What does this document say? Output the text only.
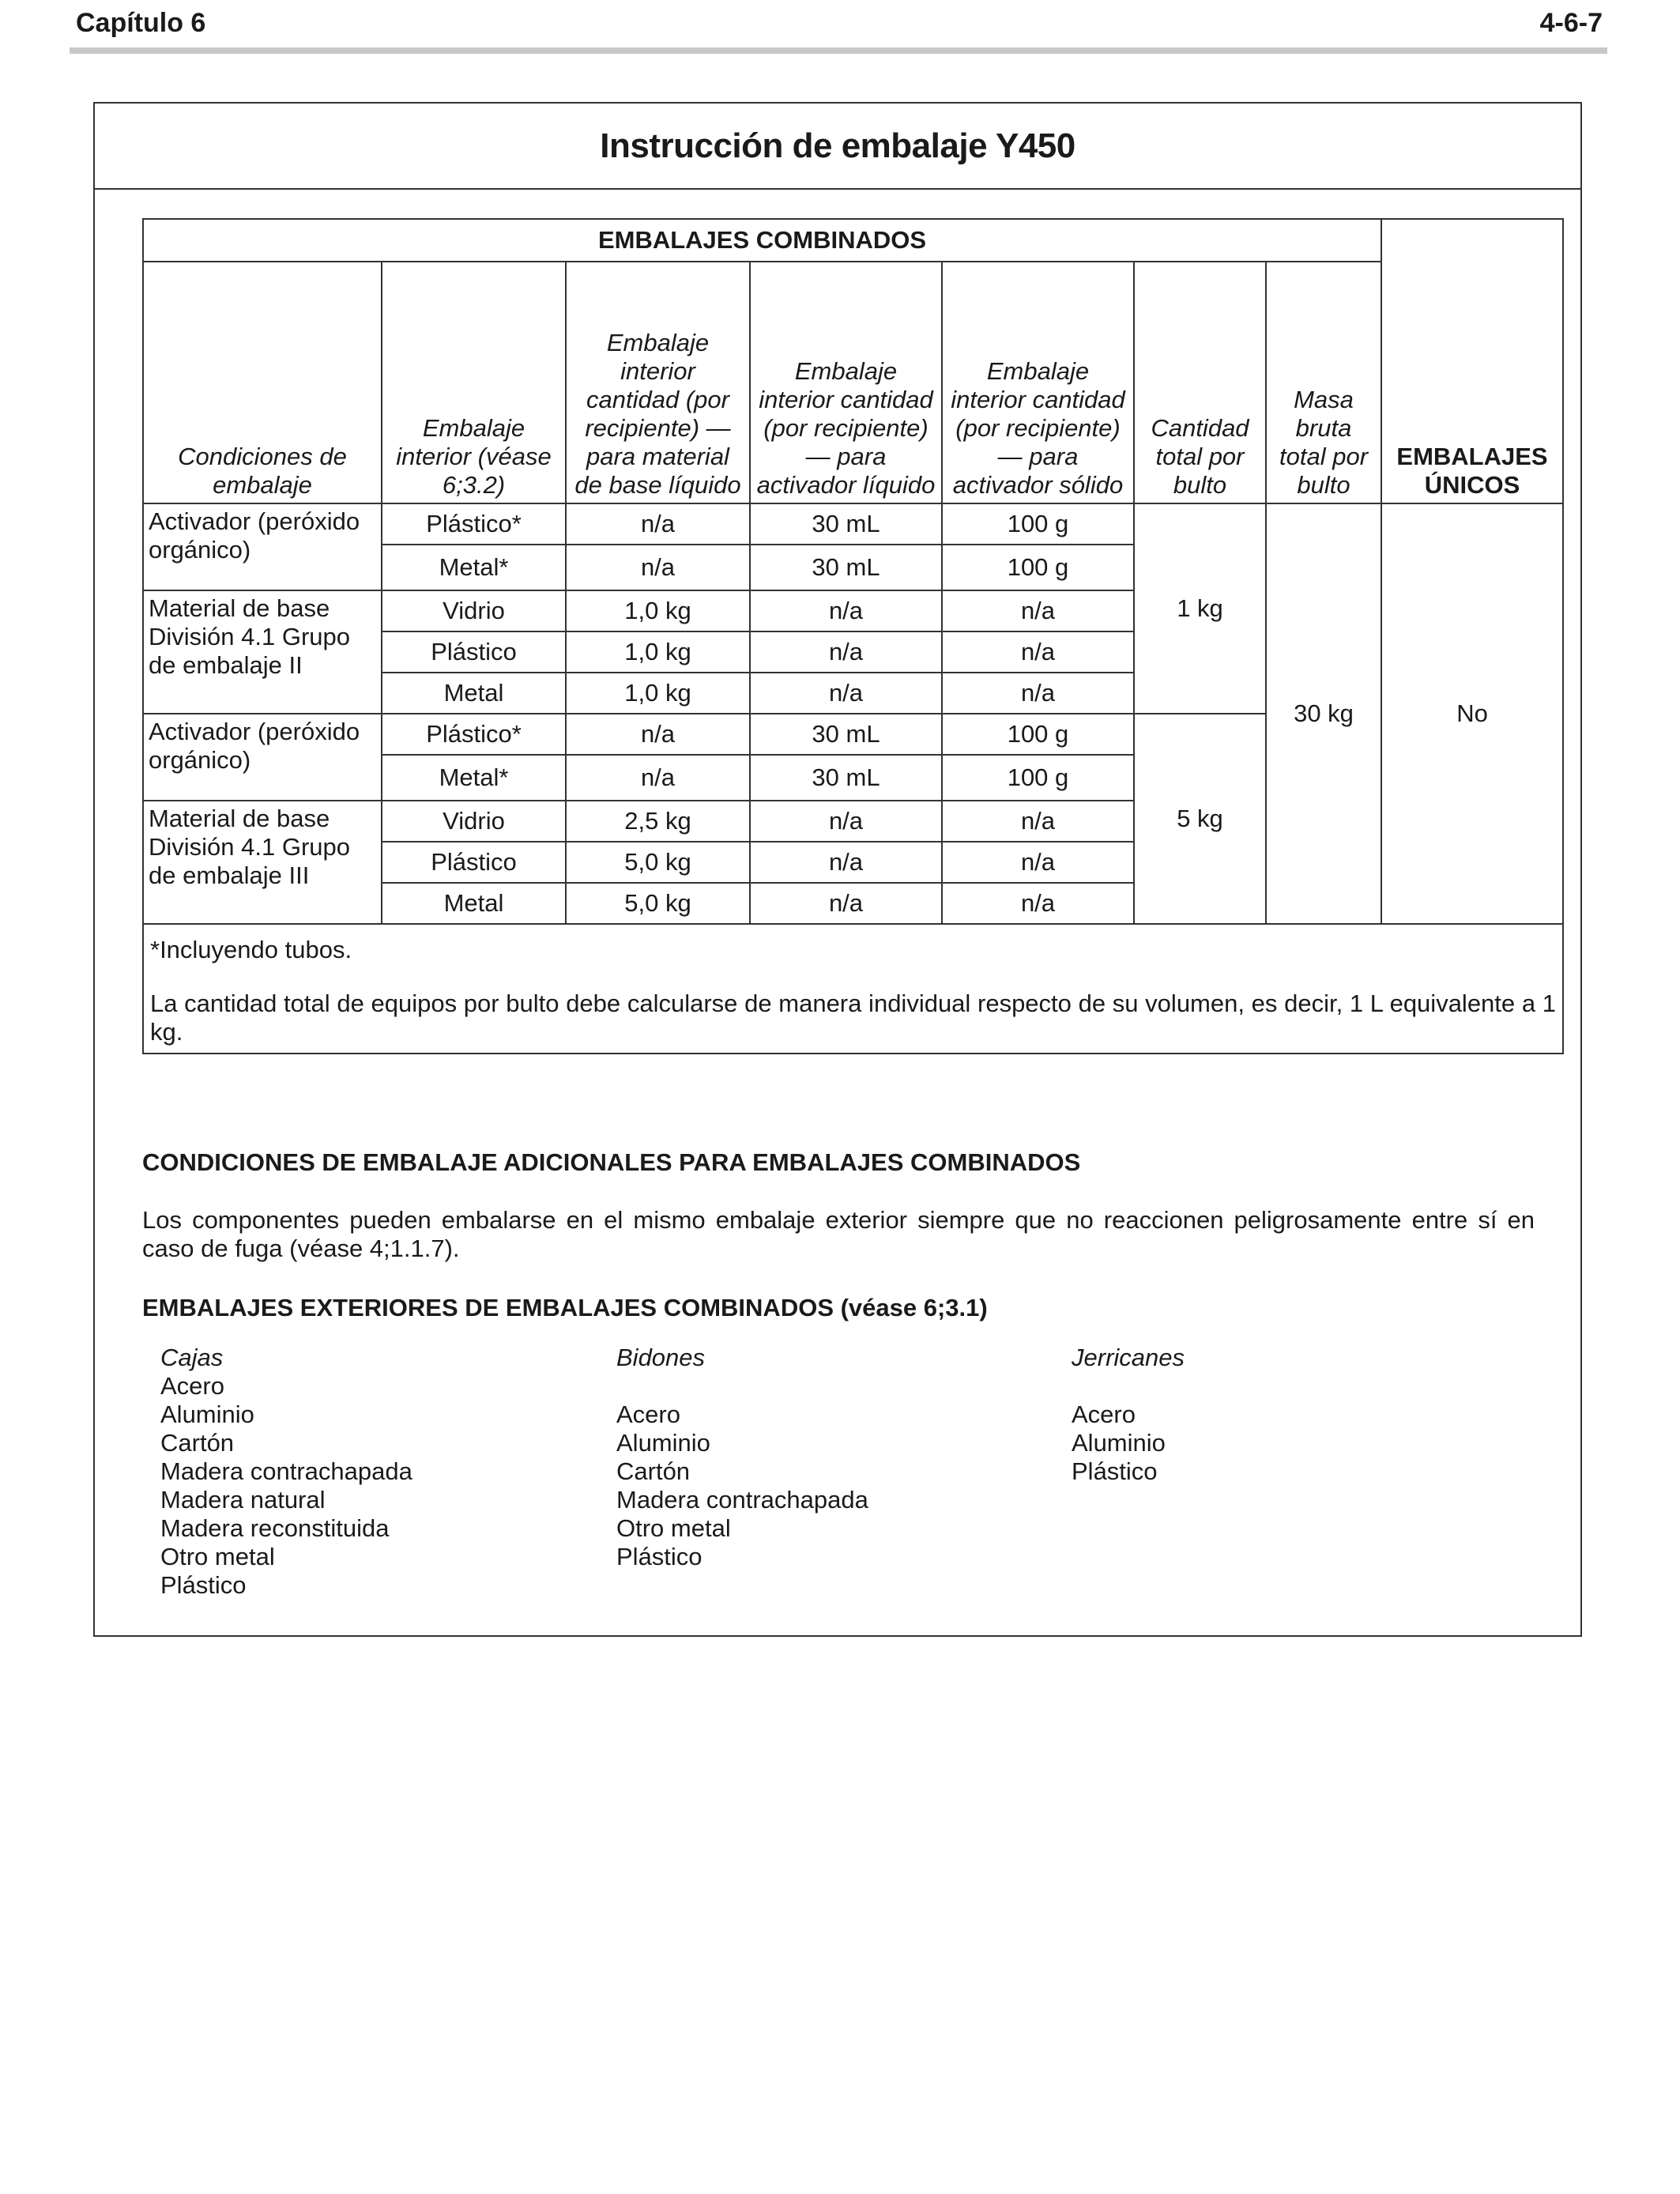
Capítulo 6	4-6-7
Instrucción de embalaje Y450
EMBALAJES COMBINADOS							EMBALAJES ÚNICOS
Condiciones de embalaje	Embalaje interior (véase 6;3.2)	Embalaje interior cantidad (por recipiente) — para material de base líquido	Embalaje interior cantidad (por recipiente) — para activador líquido	Embalaje interior cantidad (por recipiente) — para activador sólido	Cantidad total por bulto	Masa bruta total por bulto	
Activador (peróxido orgánico)	Plástico*	n/a	30 mL	100 g	1 kg	30 kg	No
	Metal*	n/a	30 mL	100 g			
Material de base División 4.1 Grupo de embalaje II	Vidrio	1,0 kg	n/a	n/a			
	Plástico	1,0 kg	n/a	n/a			
	Metal	1,0 kg	n/a	n/a			
Activador (peróxido orgánico)	Plástico*	n/a	30 mL	100 g	5 kg		
	Metal*	n/a	30 mL	100 g			
Material de base División 4.1 Grupo de embalaje III	Vidrio	2,5 kg	n/a	n/a			
	Plástico	5,0 kg	n/a	n/a			
	Metal	5,0 kg	n/a	n/a			

*Incluyendo tubos.

La cantidad total de equipos por bulto debe calcularse de manera individual respecto de su volumen, es decir, 1 L equivalente a 1 kg.							

CONDICIONES DE EMBALAJE ADICIONALES PARA EMBALAJES COMBINADOS
Los componentes pueden embalarse en el mismo embalaje exterior siempre que no reaccionen peligrosamente entre sí en caso de fuga (véase 4;1.1.7).
EMBALAJES EXTERIORES DE EMBALAJES COMBINADOS (véase 6;3.1)
Cajas
Acero
Aluminio
Cartón
Madera contrachapada
Madera natural
Madera reconstituida
Otro metal
Plástico
Bidones
Acero
Aluminio
Cartón
Madera contrachapada
Otro metal
Plástico
Jerricanes
Acero
Aluminio
Plástico
